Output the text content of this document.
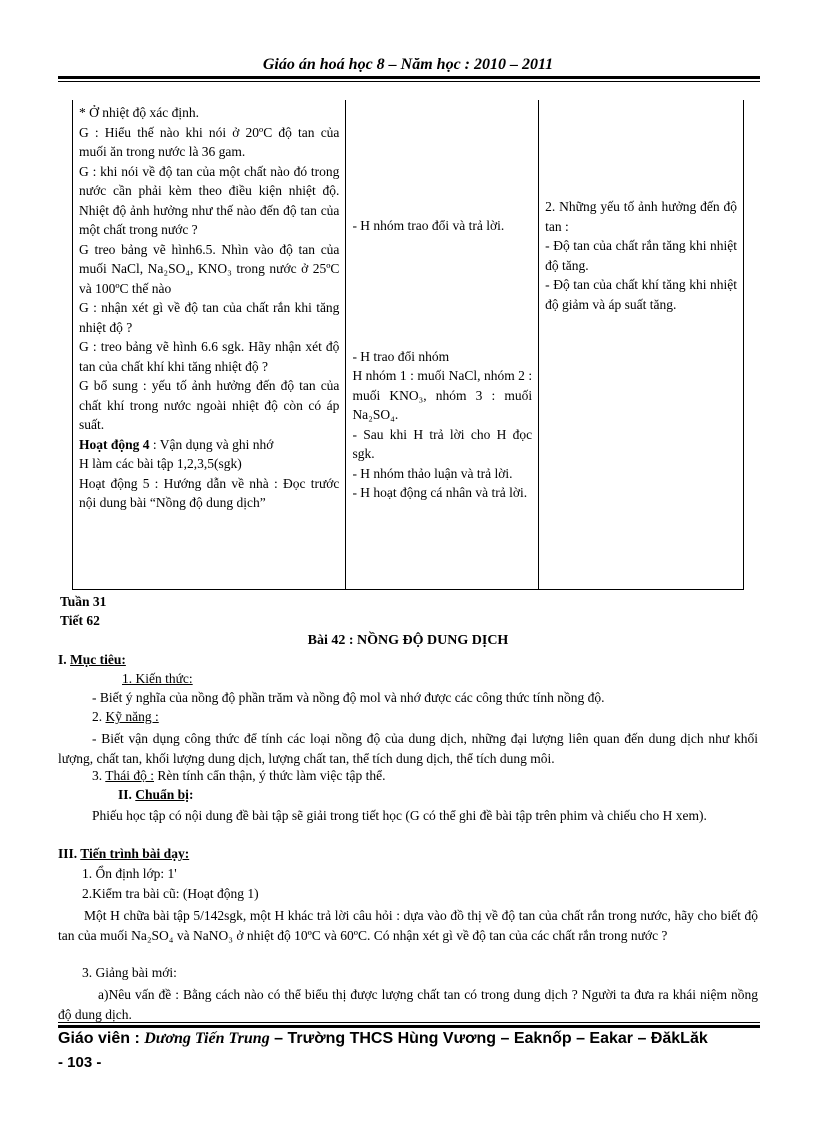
Giáo án hoá học 8 – Năm học : 2010 – 2011
* Ở nhiệt độ xác định.
G : Hiểu thế nào khi nói ở 20ºC độ tan của muối ăn trong nước là 36 gam.
G : khi nói về độ tan của một chất nào đó trong nước cần phải kèm theo điều kiện nhiệt độ. Nhiệt độ ảnh hưởng như thế nào đến độ tan của một chất trong nước ?
G treo bảng vẽ hình6.5. Nhìn vào độ tan của muối NaCl, Na₂SO₄, KNO₃ trong nước ở 25ºC và 100ºC thế nào
G : nhận xét gì về độ tan của chất rắn khi tăng nhiệt độ ?
G : treo bảng vẽ hình 6.6 sgk. Hãy nhận xét độ tan của chất khí khi tăng nhiệt độ ?
G bổ sung : yếu tố ảnh hưởng đến độ tan của chất khí trong nước ngoài nhiệt độ còn có áp suất.
Hoạt động 4 : Vận dụng và ghi nhớ
H làm các bài tập 1,2,3,5(sgk)
Hoạt động 5 : Hướng dẫn về nhà : Đọc trước nội dung bài “Nồng độ dung dịch”

- H nhóm trao đổi và trả lời.
- H trao đổi nhóm
H nhóm 1 : muối NaCl, nhóm 2 : muối KNO₃, nhóm 3 : muối Na₂SO₄.
- Sau khi H trả lời cho H đọc sgk.
- H nhóm thảo luận và trả lời.
- H hoạt động cá nhân và trả lời.

2. Những yếu tố ảnh hưởng đến độ tan :
- Độ tan của chất rắn tăng khi nhiệt độ tăng.
- Độ tan của chất khí tăng khi nhiệt độ giảm và áp suất tăng.
Tuần 31
Tiết 62
Bài 42 : NỒNG ĐỘ DUNG DỊCH
I. Mục tiêu:
1. Kiến thức:
- Biết ý nghĩa của nồng độ phần trăm và nồng độ mol và nhớ được các công thức tính nồng độ.
2. Kỹ năng :
- Biết vận dụng công thức để tính các loại nồng độ của dung dịch, những đại lượng liên quan đến dung dịch như khối lượng, chất tan, khối lượng dung dịch, lượng chất tan, thể tích dung dịch, thể tích dung môi.
3. Thái độ : Rèn tính cẩn thận, ý thức làm việc tập thể.
II. Chuẩn bị:
Phiếu học tập có nội dung đề bài tập sẽ giải trong tiết học (G có thể ghi đề bài tập trên phim và chiếu cho H xem).
III. Tiến trình bài dạy:
1. Ổn định lớp: 1'
2.Kiểm tra bài cũ: (Hoạt động 1)
Một H chữa bài tập 5/142sgk, một H khác trả lời câu hỏi : dựa vào đồ thị về độ tan của chất rắn trong nước, hãy cho biết độ tan của muối Na₂SO₄ và NaNO₃ ở nhiệt độ 10ºC và 60ºC. Có nhận xét gì về độ tan của các chất rắn trong nước ?
3. Giảng bài mới:
a)Nêu vấn đề : Bằng cách nào có thể biểu thị được lượng chất tan có trong dung dịch ? Người ta đưa ra khái niệm nồng độ dung dịch.
Giáo viên : Dương Tiến Trung – Trường THCS Hùng Vương – Eaknốp – Eakar – ĐăkLăk
- 103 -
